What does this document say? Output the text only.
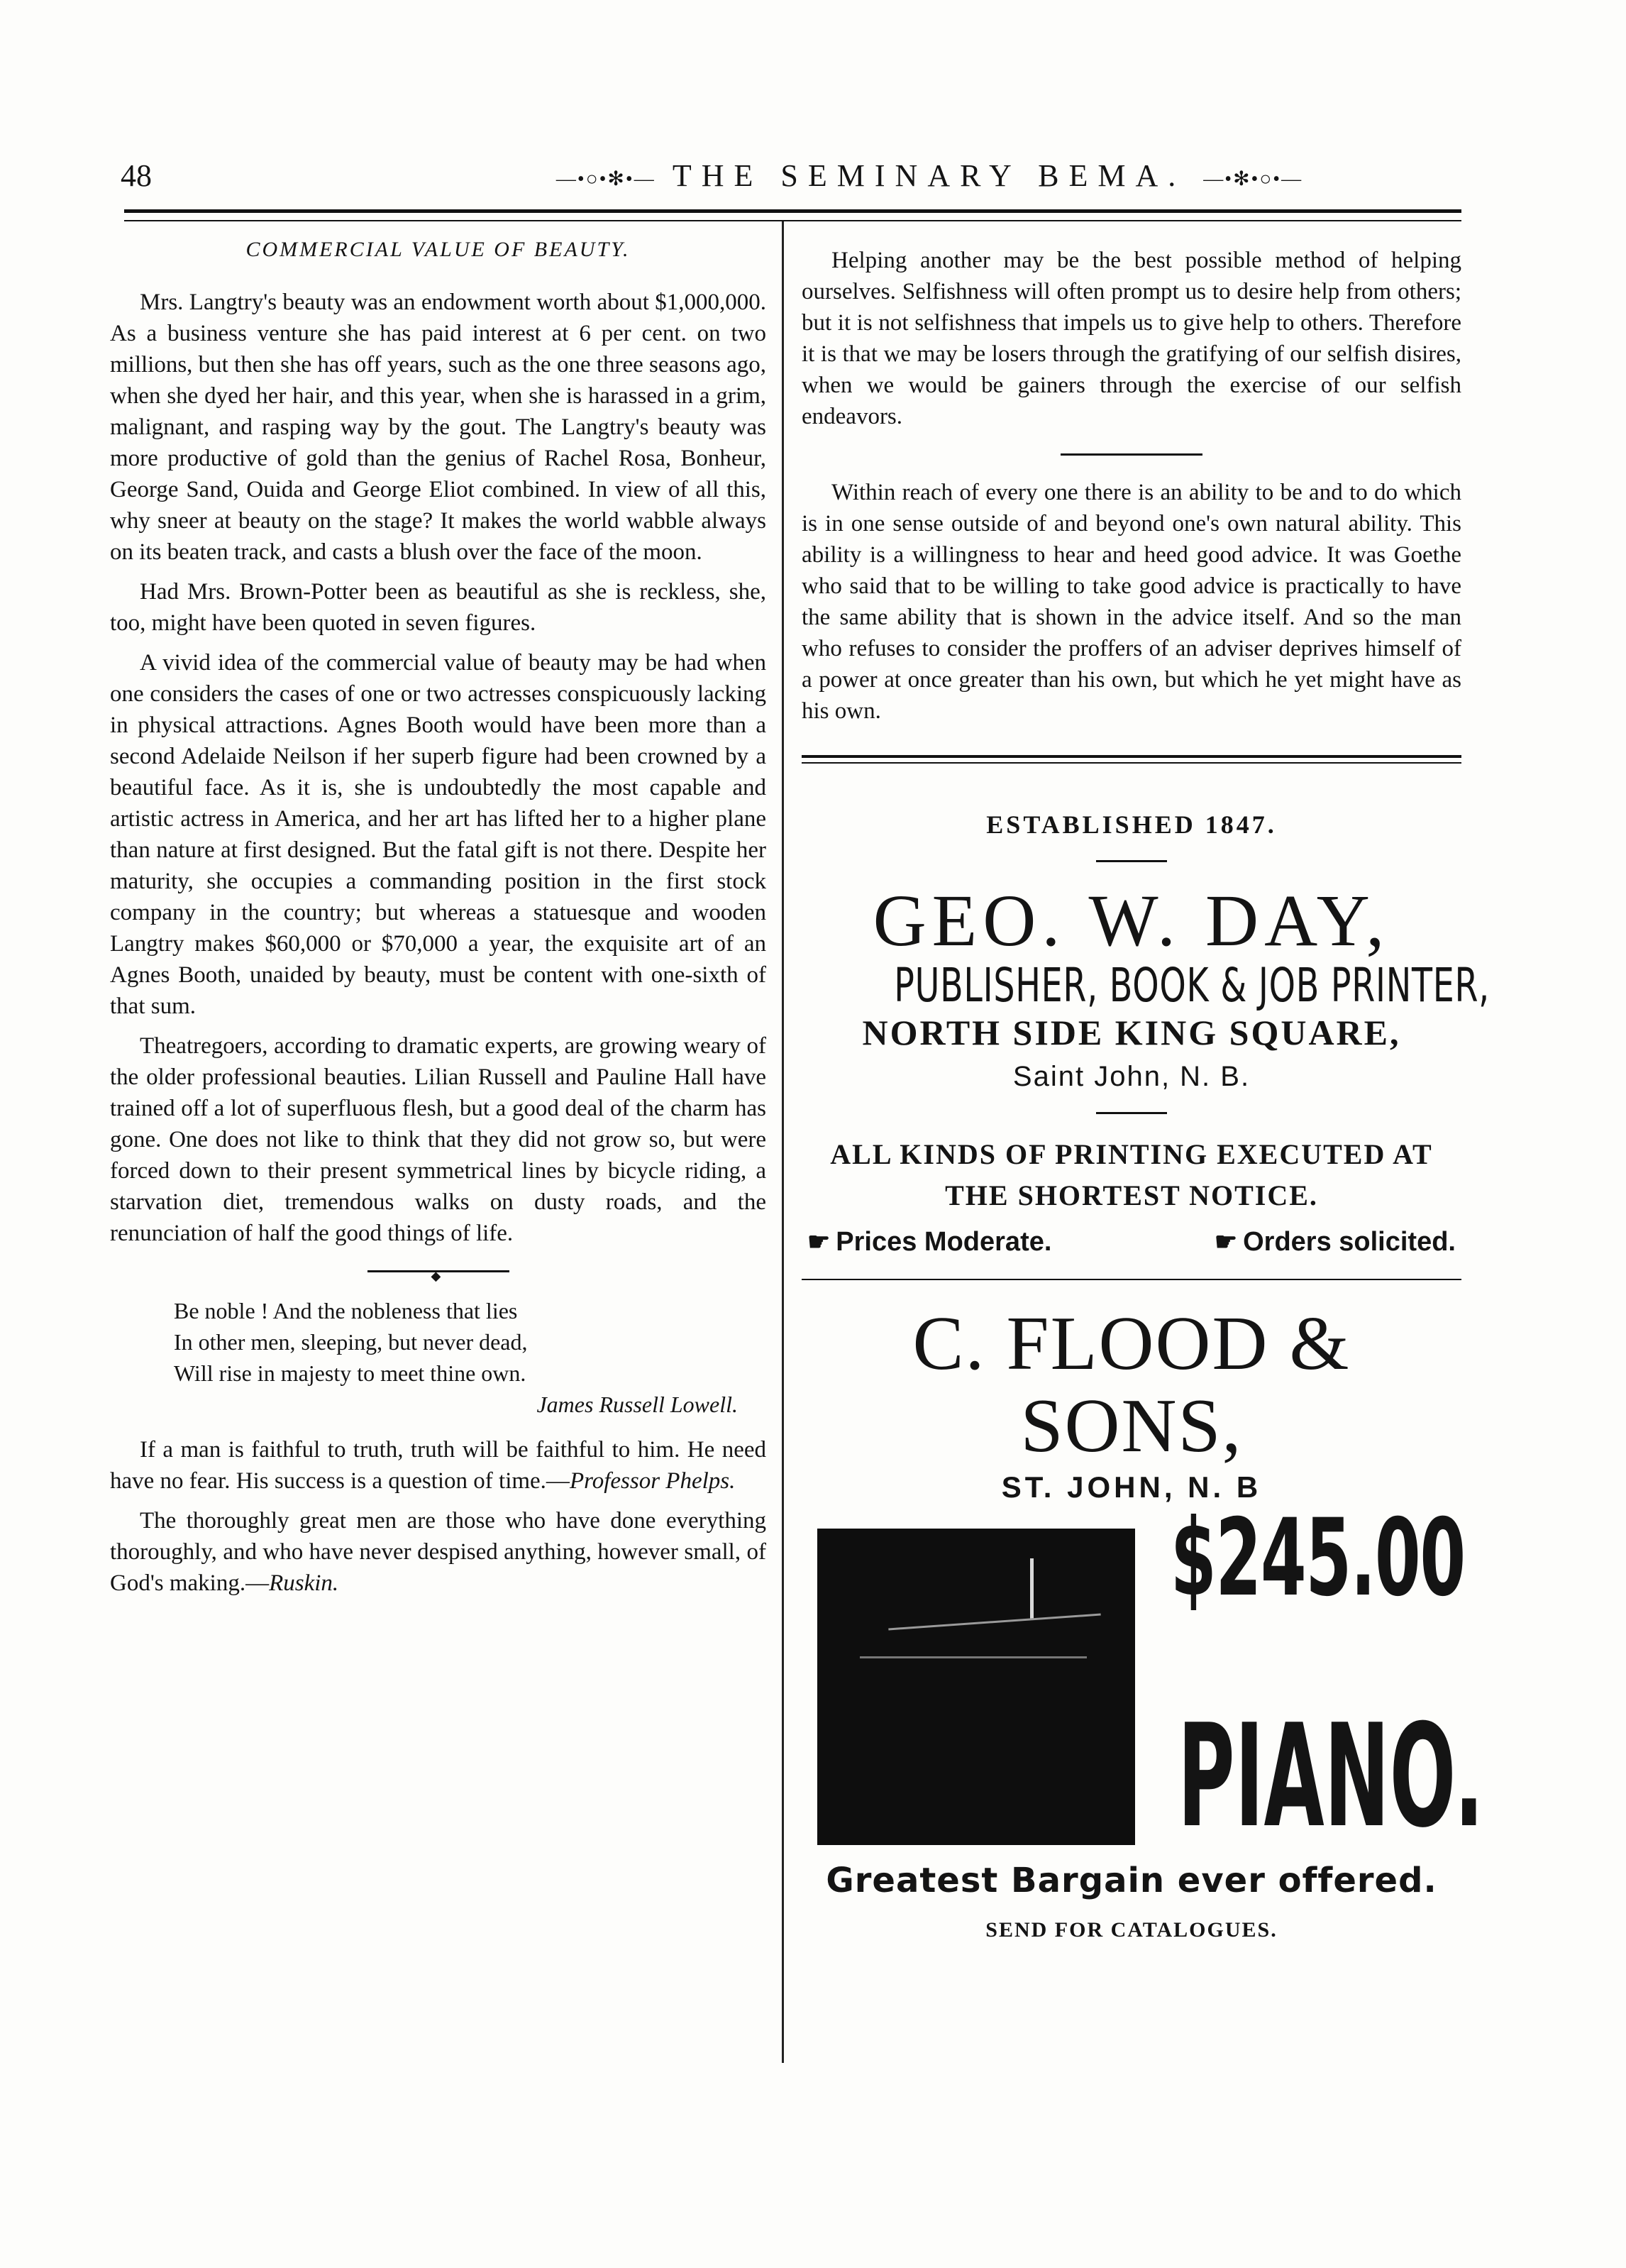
48	—•○•✻•— THE SEMINARY BEMA. —•✻•○•—

COMMERCIAL VALUE OF BEAUTY.

Mrs. Langtry's beauty was an endowment worth about $1,000,000. As a business venture she has paid interest at 6 per cent. on two millions, but then she has off years, such as the one three seasons ago, when she dyed her hair, and this year, when she is harassed in a grim, malignant, and rasping way by the gout. The Langtry's beauty was more productive of gold than the genius of Rachel Rosa, Bonheur, George Sand, Ouida and George Eliot combined. In view of all this, why sneer at beauty on the stage? It makes the world wabble always on its beaten track, and casts a blush over the face of the moon.

Had Mrs. Brown-Potter been as beautiful as she is reckless, she, too, might have been quoted in seven figures.

A vivid idea of the commercial value of beauty may be had when one considers the cases of one or two actresses conspicuously lacking in physical attractions. Agnes Booth would have been more than a second Adelaide Neilson if her superb figure had been crowned by a beautiful face. As it is, she is undoubtedly the most capable and artistic actress in America, and her art has lifted her to a higher plane than nature at first designed. But the fatal gift is not there. Despite her maturity, she occupies a commanding position in the first stock company in the country; but whereas a statuesque and wooden Langtry makes $60,000 or $70,000 a year, the exquisite art of an Agnes Booth, unaided by beauty, must be content with one-sixth of that sum.

Theatregoers, according to dramatic experts, are growing weary of the older professional beauties. Lilian Russell and Pauline Hall have trained off a lot of superfluous flesh, but a good deal of the charm has gone. One does not like to think that they did not grow so, but were forced down to their present symmetrical lines by bicycle riding, a starvation diet, tremendous walks on dusty roads, and the renunciation of half the good things of life.

◆
Be noble ! And the nobleness that lies
In other men, sleeping, but never dead,
Will rise in majesty to meet thine own.
James Russell Lowell.

If a man is faithful to truth, truth will be faithful to him. He need have no fear. His success is a question of time.—Professor Phelps.

The thoroughly great men are those who have done everything thoroughly, and who have never despised anything, however small, of God's making.—Ruskin.

Helping another may be the best possible method of helping ourselves. Selfishness will often prompt us to desire help from others; but it is not selfishness that impels us to give help to others. Therefore it is that we may be losers through the gratifying of our selfish disires, when we would be gainers through the exercise of our selfish endeavors.

Within reach of every one there is an ability to be and to do which is in one sense outside of and beyond one's own natural ability. This ability is a willingness to hear and heed good advice. It was Goethe who said that to be willing to take good advice is practically to have the same ability that is shown in the advice itself. And so the man who refuses to consider the proffers of an adviser deprives himself of a power at once greater than his own, but which he yet might have as his own.

ESTABLISHED 1847.
GEO. W. DAY,
PUBLISHER, BOOK & JOB PRINTER,
NORTH SIDE KING SQUARE,
Saint John, N. B.
ALL KINDS OF PRINTING EXECUTED AT
THE SHORTEST NOTICE.
☛ Prices Moderate.	☛ Orders solicited.
C. FLOOD & SONS,
ST. JOHN, N. B
$245.00
PIANO.
Greatest Bargain ever offered.
SEND FOR CATALOGUES.
